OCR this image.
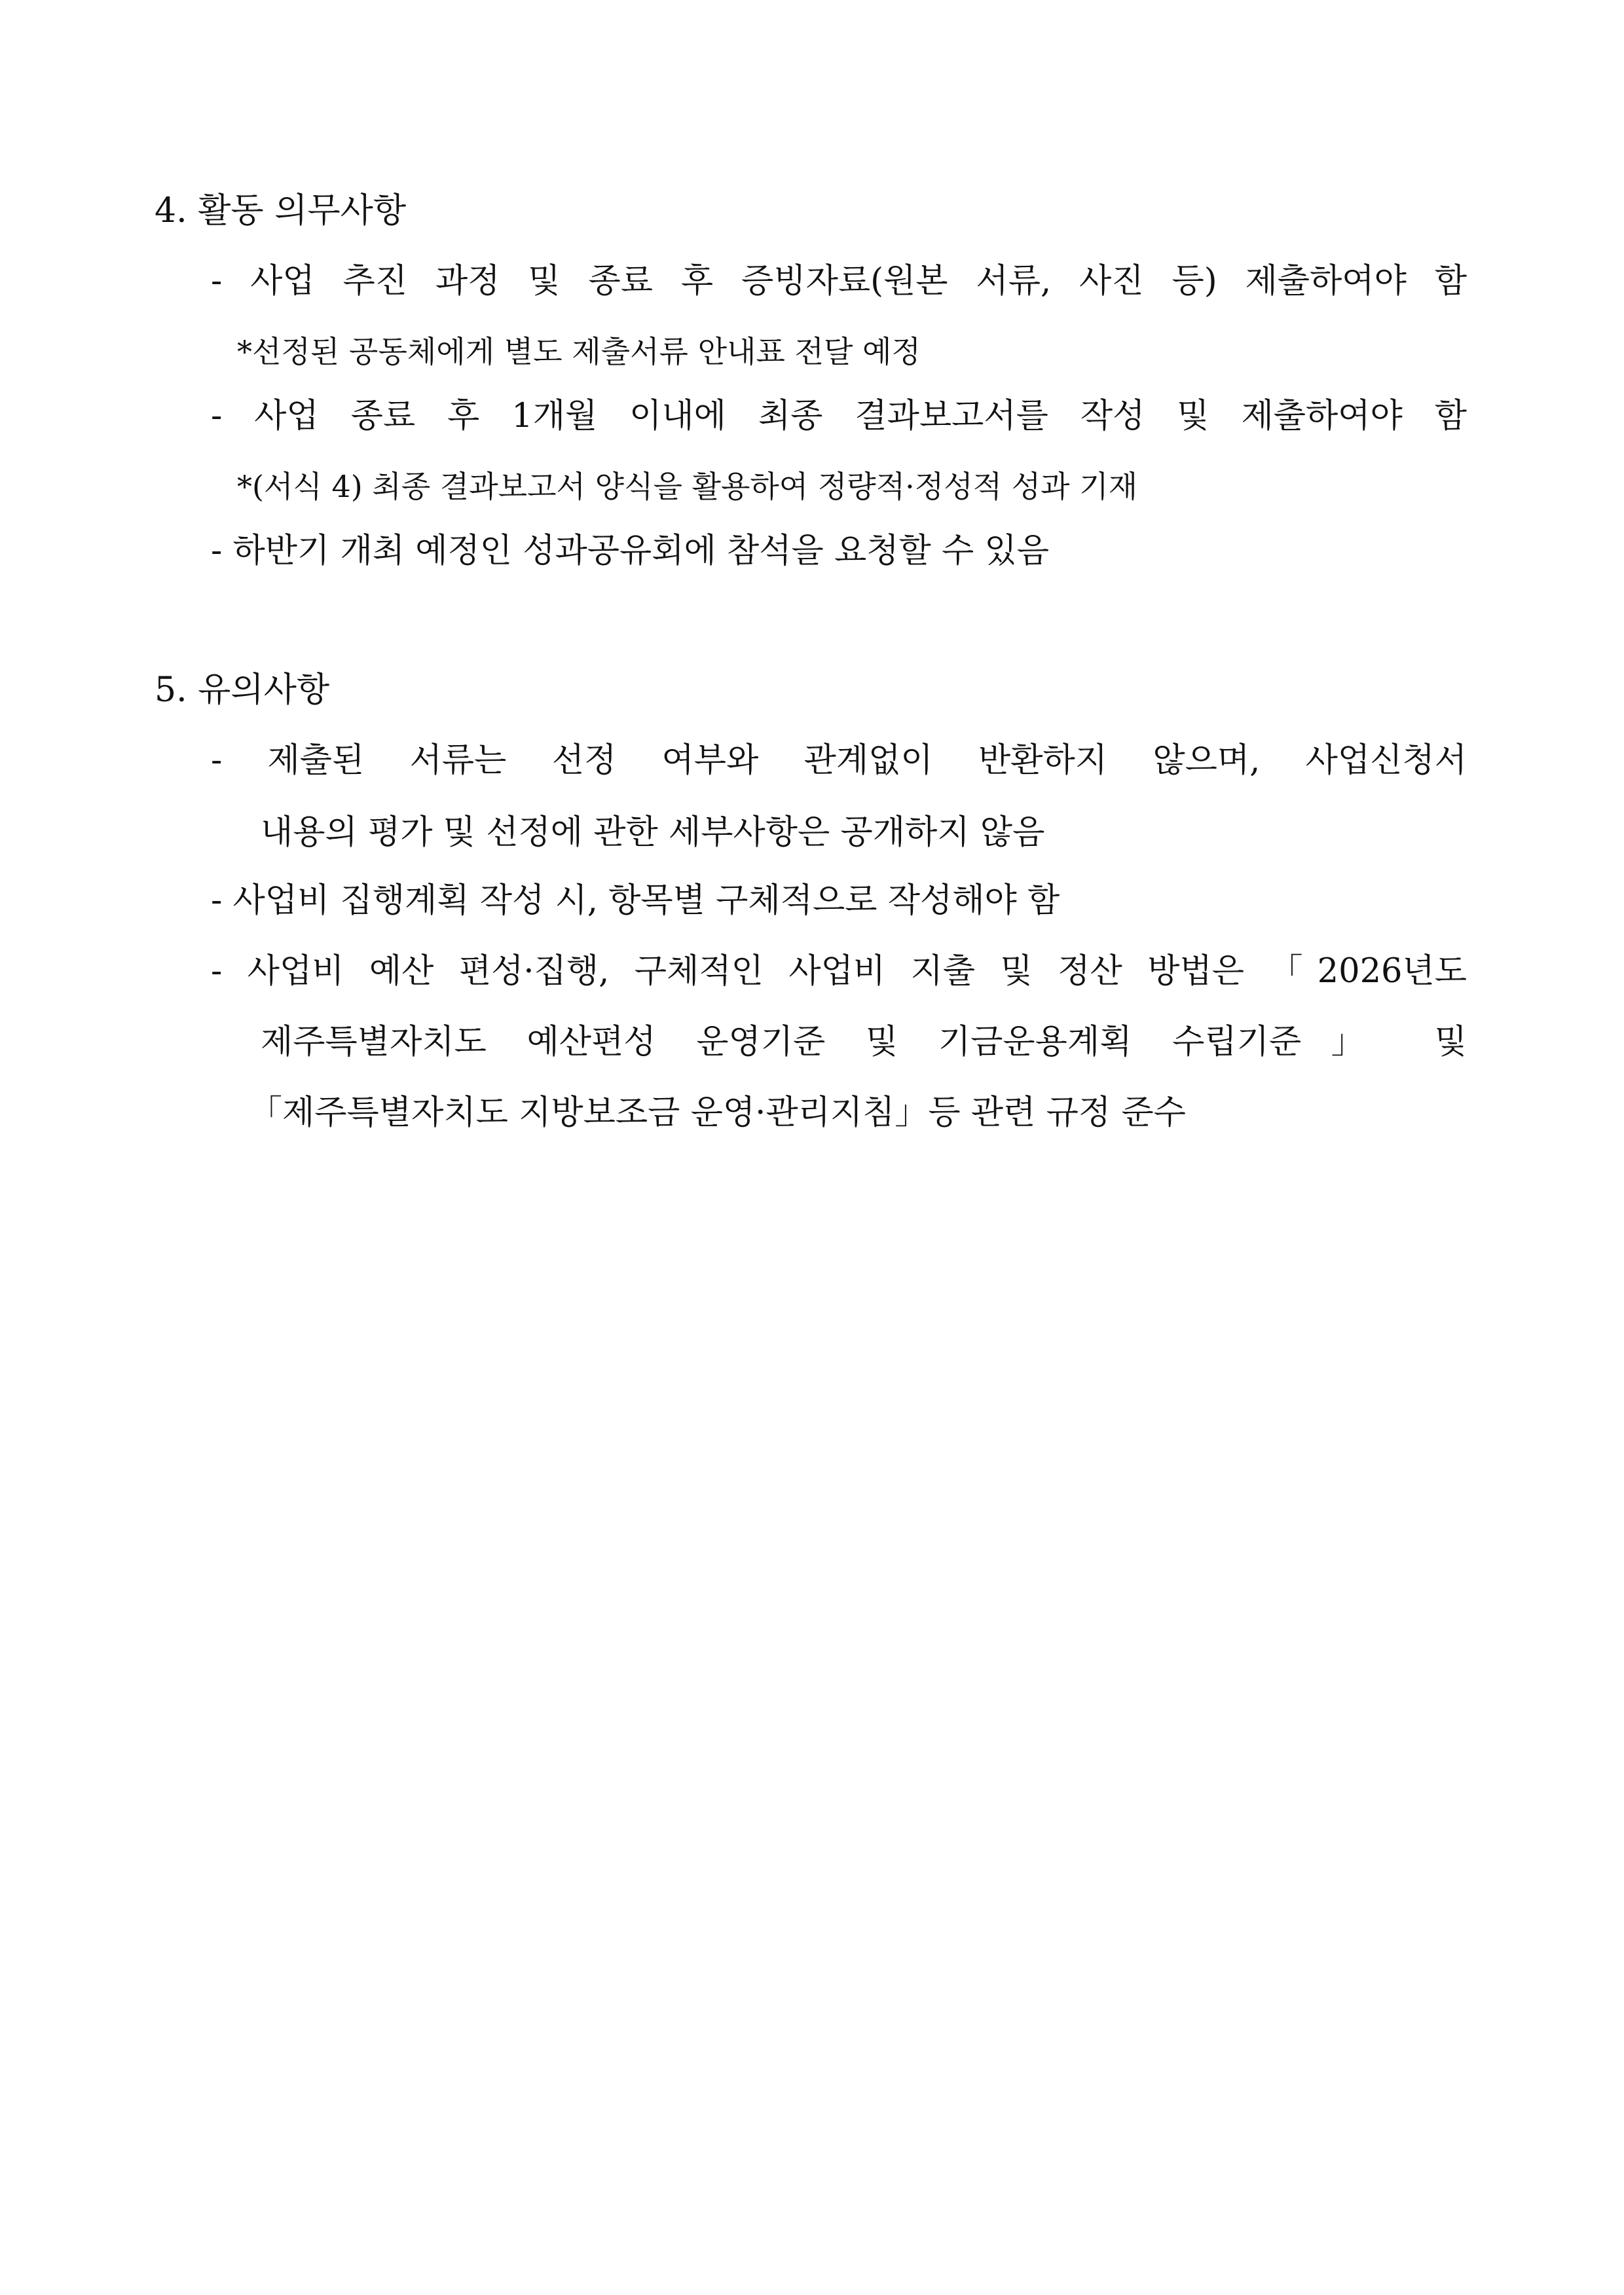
4. 활동 의무사항
- 사업 추진 과정 및 종료 후 증빙자료(원본 서류, 사진 등) 제출하여야 함
*선정된 공동체에게 별도 제출서류 안내표 전달 예정
- 사업 종료 후 1개월 이내에 최종 결과보고서를 작성 및 제출하여야 함
*(서식 4) 최종 결과보고서 양식을 활용하여 정량적·정성적 성과 기재
- 하반기 개최 예정인 성과공유회에 참석을 요청할 수 있음
5. 유의사항
- 제출된 서류는 선정 여부와 관계없이 반환하지 않으며, 사업신청서
내용의 평가 및 선정에 관한 세부사항은 공개하지 않음
- 사업비 집행계획 작성 시, 항목별 구체적으로 작성해야 함
- 사업비 예산 편성·집행, 구체적인 사업비 지출 및 정산 방법은 「2026년도
제주특별자치도 예산편성 운영기준 및 기금운용계획 수립기준」 및
「제주특별자치도 지방보조금 운영·관리지침」등 관련 규정 준수
